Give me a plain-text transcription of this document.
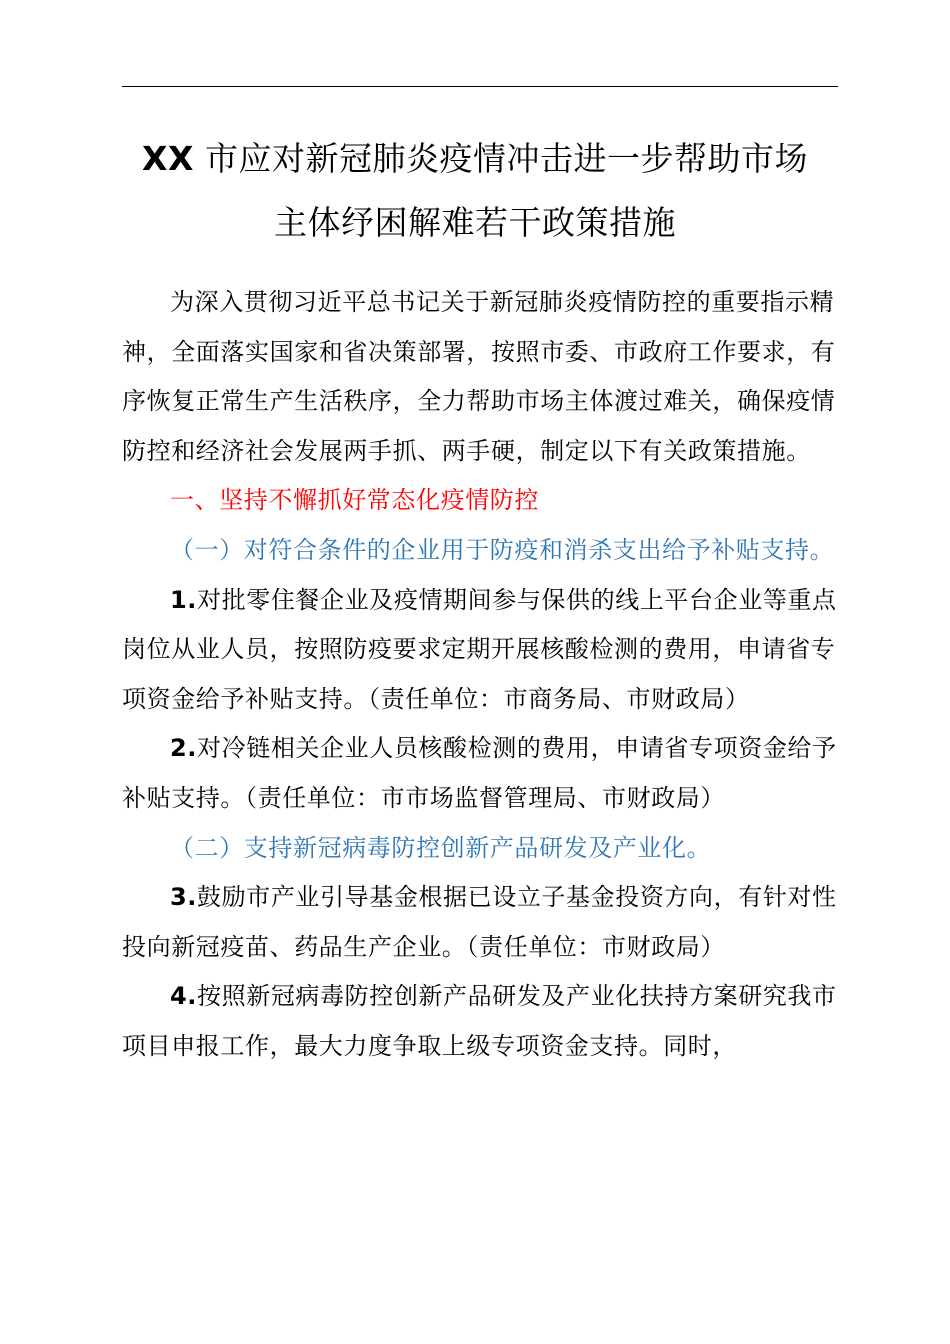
XX 市应对新冠肺炎疫情冲击进一步帮助市场
主体纾困解难若干政策措施

为深入贯彻习近平总书记关于新冠肺炎疫情防控的重要指示精神，全面落实国家和省决策部署，按照市委、市政府工作要求，有序恢复正常生产生活秩序，全力帮助市场主体渡过难关，确保疫情防控和经济社会发展两手抓、两手硬，制定以下有关政策措施。

一、坚持不懈抓好常态化疫情防控

（一）对符合条件的企业用于防疫和消杀支出给予补贴支持。

1.对批零住餐企业及疫情期间参与保供的线上平台企业等重点岗位从业人员，按照防疫要求定期开展核酸检测的费用，申请省专项资金给予补贴支持。（责任单位：市商务局、市财政局）

2.对冷链相关企业人员核酸检测的费用，申请省专项资金给予补贴支持。（责任单位：市市场监督管理局、市财政局）

（二）支持新冠病毒防控创新产品研发及产业化。

3.鼓励市产业引导基金根据已设立子基金投资方向，有针对性投向新冠疫苗、药品生产企业。（责任单位：市财政局）

4.按照新冠病毒防控创新产品研发及产业化扶持方案研究我市项目申报工作，最大力度争取上级专项资金支持。同时，
